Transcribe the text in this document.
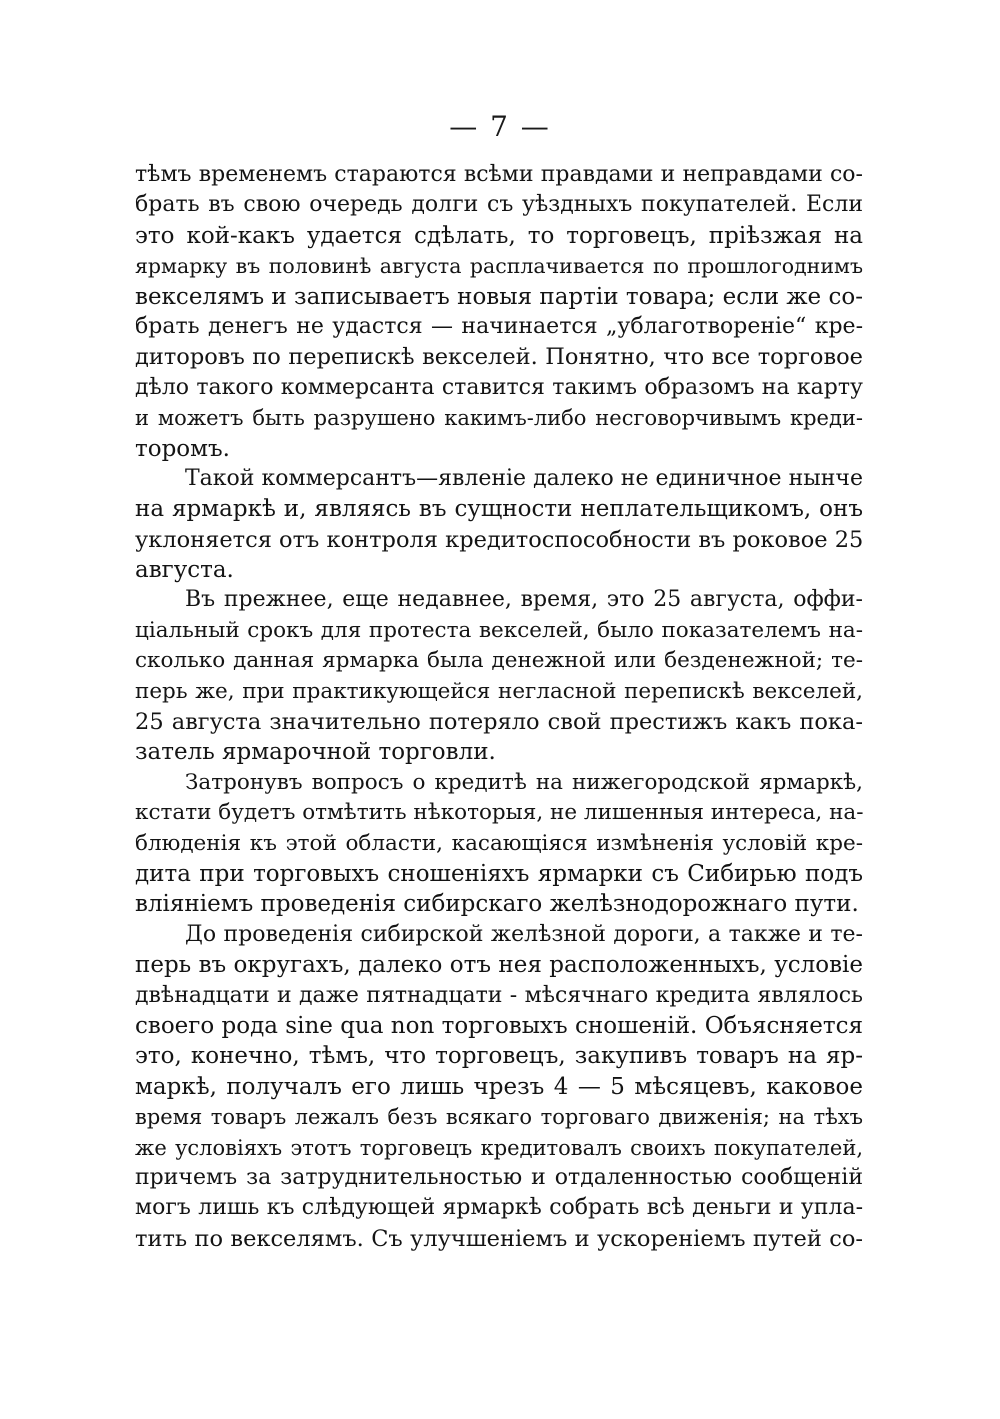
— 7 —
тѣмъ временемъ стараются всѣми правдами и неправдами со-
брать въ свою очередь долги съ уѣздныхъ покупателей. Если
это кой-какъ удается сдѣлать, то торговецъ, пріѣзжая на
ярмарку въ половинѣ августа расплачивается по прошлогоднимъ
векселямъ и записываетъ новыя партіи товара; если же со-
брать денегъ не удастся — начинается „ублаготвореніе“ кре-
диторовъ по перепискѣ векселей. Понятно, что все торговое
дѣло такого коммерсанта ставится такимъ образомъ на карту
и можетъ быть разрушено какимъ-либо несговорчивымъ креди-
торомъ.
Такой коммерсантъ—явленіе далеко не единичное нынче
на ярмаркѣ и, являясь въ сущности неплательщикомъ, онъ
уклоняется отъ контроля кредитоспособности въ роковое 25
августа.
Въ прежнее, еще недавнее, время, это 25 августа, оффи-
ціальный срокъ для протеста векселей, было показателемъ на-
сколько данная ярмарка была денежной или безденежной; те-
перь же, при практикующейся негласной перепискѣ векселей,
25 августа значительно потеряло свой престижъ какъ пока-
затель ярмарочной торговли.
Затронувъ вопросъ о кредитѣ на нижегородской ярмаркѣ,
кстати будетъ отмѣтить нѣкоторыя, не лишенныя интереса, на-
блюденія къ этой области, касающіяся измѣненія условій кре-
дита при торговыхъ сношеніяхъ ярмарки съ Сибирью подъ
вліяніемъ проведенія сибирскаго желѣзнодорожнаго пути.
До проведенія сибирской желѣзной дороги, а также и те-
перь въ округахъ, далеко отъ нея расположенныхъ, условіе
двѣнадцати и даже пятнадцати - мѣсячнаго кредита являлось
своего рода sine qua non торговыхъ сношеній. Объясняется
это, конечно, тѣмъ, что торговецъ, закупивъ товаръ на яр-
маркѣ, получалъ его лишь чрезъ 4 — 5 мѣсяцевъ, каковое
время товаръ лежалъ безъ всякаго торговаго движенія; на тѣхъ
же условіяхъ этотъ торговецъ кредитовалъ своихъ покупателей,
причемъ за затруднительностью и отдаленностью сообщеній
могъ лишь къ слѣдующей ярмаркѣ собрать всѣ деньги и упла-
тить по векселямъ. Съ улучшеніемъ и ускореніемъ путей со-
